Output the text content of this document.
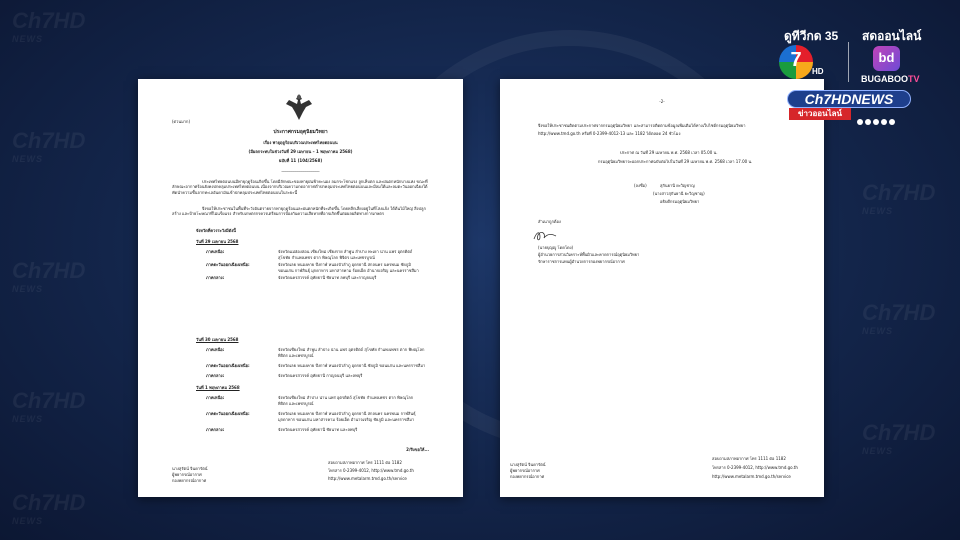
Ch7HD
NEWS
Ch7HD
NEWS
Ch7HD
NEWS
Ch7HD
NEWS
Ch7HD
NEWS
Ch7HD
NEWS
Ch7HD
NEWS
Ch7HD
NEWS
(ด่วนมาก)
ประกาศกรมอุตุนิยมวิทยา
เรื่อง พายุฤดูร้อนบริเวณประเทศไทยตอนบน
(มีผลกระทบในช่วงวันที่ 29 เมษายน – 1 พฤษภาคม 2568)
ฉบับที่ 11 (104/2568)
___________________
ประเทศไทยตอนบนมีพายุฤดูร้อนเกิดขึ้น โดยมีลักษณะของพายุฝนฟ้าคะนอง ลมกระโชกแรง ลูกเห็บตก และฝนตกหนักบางแห่ง ขณะที่ลักษณะอากาศร้อนยังคงปกคลุมประเทศไทยตอนบน เนื่องจากบริเวณความกดอากาศต่ำปกคลุมประเทศไทยตอนบนและมีลมใต้และลมตะวันออกเฉียงใต้พัดนำความชื้นจากทะเลอันดามันเข้าปกคลุมประเทศไทยตอนบนในระยะนี้
จึงขอให้ประชาชนในพื้นที่ระวังอันตรายจากพายุฤดูร้อนและฝนตกหนักที่จะเกิดขึ้น โดยหลีกเลี่ยงอยู่ในที่โล่งแจ้ง ใต้ต้นไม้ใหญ่ สิ่งปลูกสร้าง และป้ายโฆษณาที่ไม่แข็งแรง สำหรับเกษตรกรควรเตรียมการป้องกันความเสียหายที่อาจเกิดขึ้นต่อผลผลิตทางการเกษตร
จังหวัดที่ควรระวังมีดังนี้
วันที่ 29 เมษายน 2568
ภาคเหนือ:	จังหวัดแม่ฮ่องสอน เชียงใหม่ เชียงราย ลำพูน ลำปาง พะเยา น่าน แพร่ อุตรดิตถ์
สุโขทัย กำแพงเพชร ตาก พิษณุโลก พิจิตร และเพชรบูรณ์
ภาคตะวันออกเฉียงเหนือ:	จังหวัดเลย หนองคาย บึงกาฬ หนองบัวลำภู อุดรธานี สกลนคร นครพนม ชัยภูมิ
ขอนแก่น กาฬสินธุ์ มุกดาหาร มหาสารคาม ร้อยเอ็ด อำนาจเจริญ และนครราชสีมา
ภาคกลาง:	จังหวัดนครสวรรค์ อุทัยธานี ชัยนาท ลพบุรี และกาญจนบุรี
วันที่ 30 เมษายน 2568
ภาคเหนือ:	จังหวัดเชียงใหม่ ลำพูน ลำปาง น่าน แพร่ อุตรดิตถ์ สุโขทัย กำแพงเพชร ตาก พิษณุโลก
พิจิตร และเพชรบูรณ์
ภาคตะวันออกเฉียงเหนือ:	จังหวัดเลย หนองคาย บึงกาฬ หนองบัวลำภู อุดรธานี ชัยภูมิ ขอนแก่น และนครราชสีมา
ภาคกลาง:	จังหวัดนครสวรรค์ อุทัยธานี กาญจนบุรี และลพบุรี
วันที่ 1 พฤษภาคม 2568
ภาคเหนือ:	จังหวัดเชียงใหม่ ลำปาง น่าน แพร่ อุตรดิตถ์ สุโขทัย กำแพงเพชร ตาก พิษณุโลก
พิจิตร และเพชรบูรณ์
ภาคตะวันออกเฉียงเหนือ:	จังหวัดเลย หนองคาย บึงกาฬ หนองบัวลำภู อุดรธานี สกลนคร นครพนม กาฬสินธุ์
มุกดาหาร ขอนแก่น มหาสารคาม ร้อยเอ็ด อำนาจเจริญ ชัยภูมิ และนครราชสีมา
ภาคกลาง:	จังหวัดนครสวรรค์ อุทัยธานี ชัยนาท และลพบุรี
2/จึงขอให้...
นางสุรัตน์ จินดารัตน์
ผู้พยากรณ์อากาศ
กองพยากรณ์อากาศ
สอบถามสภาพอากาศ โทร 1111 ต่อ 1182
โทรสาร 0-2399-4012, http://www.tmd.go.th
http://www.metalarm.tmd.go.th/service
-2-
จึงขอให้ประชาชนติดตามประกาศจากกรมอุตุนิยมวิทยา และสามารถติดตามข้อมูลเพิ่มเติมได้ทางเว็บไซต์กรมอุตุนิยมวิทยา
http://www.tmd.go.th หรือที่ 0-2399-4012-13 และ 1182 ได้ตลอด 24 ชั่วโมง
ประกาศ ณ วันที่ 29 เมษายน พ.ศ. 2568 เวลา 05.00 น.
กรมอุตุนิยมวิทยาจะออกประกาศฉบับต่อไปในวันที่ 29 เมษายน พ.ศ. 2568 เวลา 17.00 น.
(ลงชื่อ)	สุกันยานี ยะวิญชาญ
(นางสาวสุกันยานี ยะวิญชาญ)
อธิบดีกรมอุตุนิยมวิทยา
สำเนาถูกต้อง
(นายบุญญู โดดโดง)
ผู้อำนวยการส่วนวิเคราะห์พื้นผิวและคาดการณ์อุตุนิยมวิทยา
รักษาราชการแทนผู้อำนวยการกองพยากรณ์อากาศ
นางสุรัตน์ จินดารัตน์
ผู้พยากรณ์อากาศ
กองพยากรณ์อากาศ
สอบถามสภาพอากาศ โทร 1111 ต่อ 1182
โทรสาร 0-2399-4012, http://www.tmd.go.th
http://www.metalarm.tmd.go.th/service
ดูทีวีกด 35 สดออนไลน์
7
HD
bd
BUGABOOTV
Ch7HDNEWS
ข่าวออนไลน์
